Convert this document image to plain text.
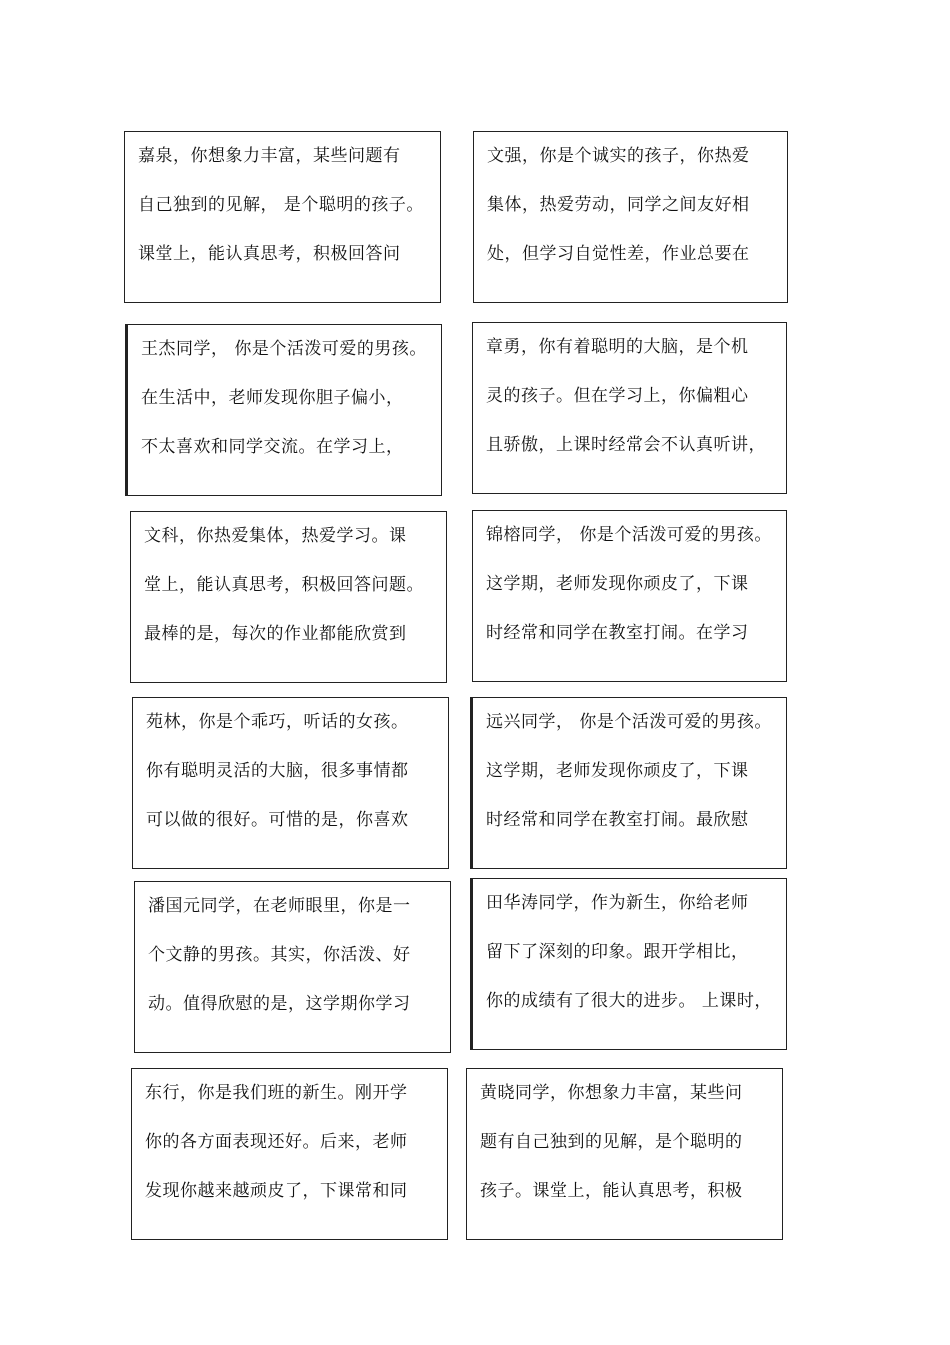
嘉泉，你想象力丰富，某些问题有
自己独到的见解， 是个聪明的孩子。
课堂上，能认真思考，积极回答问
文强，你是个诚实的孩子，你热爱
集体，热爱劳动，同学之间友好相
处，但学习自觉性差，作业总要在
王杰同学， 你是个活泼可爱的男孩。
在生活中，老师发现你胆子偏小，
不太喜欢和同学交流。在学习上，
章勇，你有着聪明的大脑，是个机
灵的孩子。但在学习上，你偏粗心
且骄傲，上课时经常会不认真听讲，
文科，你热爱集体，热爱学习。课
堂上，能认真思考，积极回答问题。
最棒的是，每次的作业都能欣赏到
锦榕同学， 你是个活泼可爱的男孩。
这学期，老师发现你顽皮了，下课
时经常和同学在教室打闹。在学习
苑林，你是个乖巧，听话的女孩。
你有聪明灵活的大脑，很多事情都
可以做的很好。可惜的是，你喜欢
远兴同学， 你是个活泼可爱的男孩。
这学期，老师发现你顽皮了，下课
时经常和同学在教室打闹。最欣慰
潘国元同学，在老师眼里，你是一
个文静的男孩。其实，你活泼、好
动。值得欣慰的是，这学期你学习
田华涛同学，作为新生，你给老师
留下了深刻的印象。跟开学相比，
你的成绩有了很大的进步。 上课时，
东行，你是我们班的新生。刚开学
你的各方面表现还好。后来，老师
发现你越来越顽皮了，下课常和同
黄晓同学，你想象力丰富，某些问
题有自己独到的见解，是个聪明的
孩子。课堂上，能认真思考，积极
